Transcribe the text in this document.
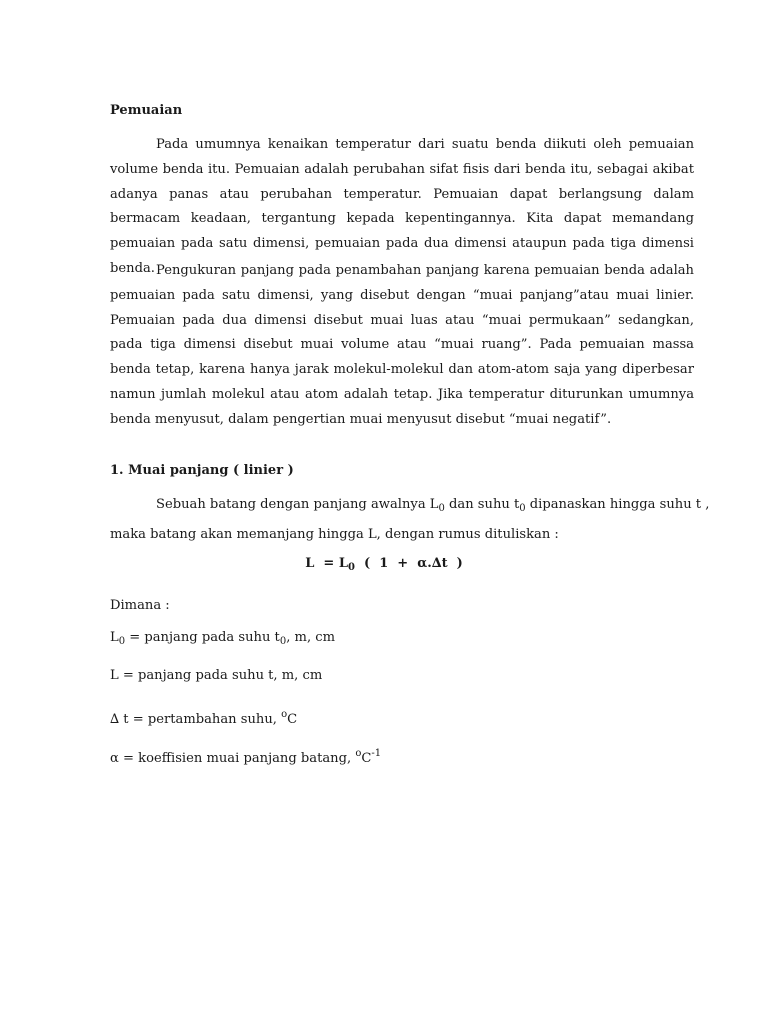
Pemuaian

Pada umumnya kenaikan temperatur dari suatu benda diikuti oleh pemuaian volume benda itu. Pemuaian adalah perubahan sifat fisis dari benda itu, sebagai akibat adanya panas atau perubahan temperatur. Pemuaian dapat berlangsung dalam bermacam keadaan, tergantung kepada kepentingannya. Kita dapat memandang pemuaian pada satu dimensi, pemuaian pada dua dimensi ataupun pada tiga dimensi benda. Pengukuran panjang pada penambahan panjang karena pemuaian benda adalah pemuaian pada satu dimensi, yang disebut dengan “muai panjang”atau muai linier. Pemuaian pada dua dimensi disebut muai luas atau “muai permukaan” sedangkan, pada tiga dimensi disebut muai volume atau “muai ruang”. Pada pemuaian massa benda tetap, karena hanya jarak molekul-molekul dan atom-atom saja yang diperbesar namun jumlah molekul atau atom adalah tetap. Jika temperatur diturunkan umumnya benda menyusut, dalam pengertian muai menyusut disebut “muai negatif”.

1. Muai panjang ( linier )
Sebuah batang dengan panjang awalnya $L_0$ dan suhu $t_0$ dipanaskan hingga suhu t ,
maka batang akan memanjang hingga L, dengan rumus dituliskan :
$L = L_0$  (  1  +  α.∆t  )
Dimana :
$L_0$ = panjang pada suhu $t_0$, m, cm
L = panjang pada suhu t, m, cm
∆ t = pertambahan suhu, $^o$C
α = koeffisien muai panjang batang, $^oC^{-1}$
